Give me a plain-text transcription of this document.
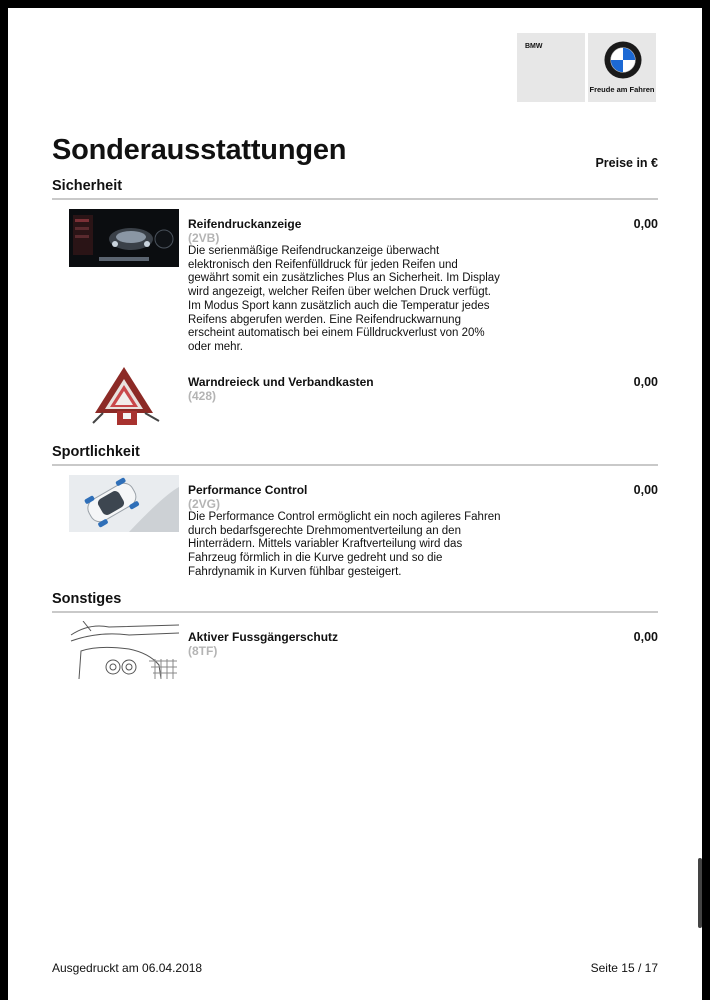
BMW
Freude am Fahren
Sonderausstattungen	Preise in €
Sicherheit
Reifendruckanzeige
(2VB)
Die serienmäßige Reifendruckanzeige überwacht
elektronisch den Reifenfülldruck für jeden Reifen und
gewährt somit ein zusätzliches Plus an Sicherheit. Im Display
wird angezeigt, welcher Reifen über welchen Druck verfügt.
Im Modus Sport kann zusätzlich auch die Temperatur jedes
Reifens abgerufen werden. Eine Reifendruckwarnung
erscheint automatisch bei einem Fülldruckverlust von 20%
oder mehr.
0,00
Warndreieck und Verbandkasten
(428)
0,00
Sportlichkeit
Performance Control
(2VG)
Die Performance Control ermöglicht ein noch agileres Fahren
durch bedarfsgerechte Drehmomentverteilung an den
Hinterrädern. Mittels variabler Kraftverteilung wird das
Fahrzeug förmlich in die Kurve gedreht und so die
Fahrdynamik in Kurven fühlbar gesteigert.
0,00
Sonstiges
Aktiver Fussgängerschutz
(8TF)
0,00
Ausgedruckt am 06.04.2018	Seite 15 / 17
